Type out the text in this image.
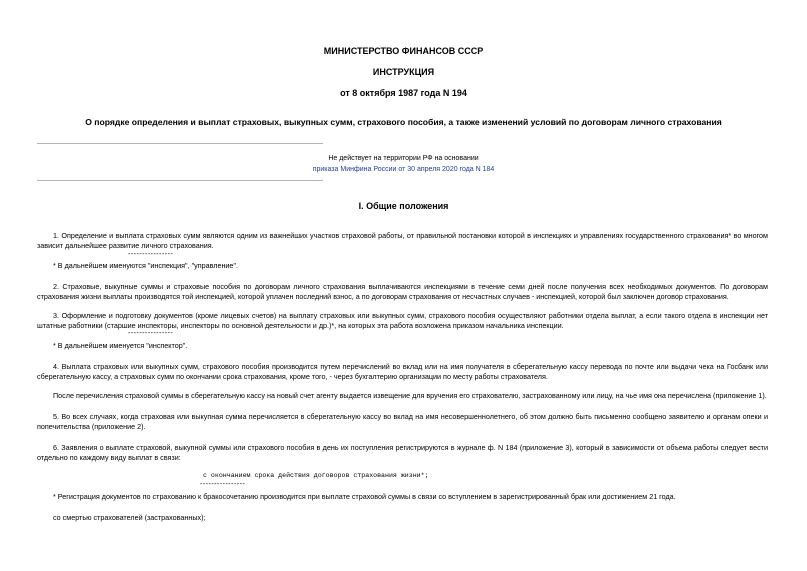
МИНИСТЕРСТВО ФИНАНСОВ СССР
ИНСТРУКЦИЯ
от 8 октября 1987 года N 194
О порядке определения и выплат страховых, выкупных сумм, страхового пособия, а также изменений условий по договорам личного страхования
Не действует на территории РФ на основании
приказа Минфина России от 30 апреля 2020 года N 184
I. Общие положения
1. Определение и выплата страховых сумм являются одним из важнейших участков страховой работы, от правильной постановки которой в инспекциях и управлениях государственного страхования* во многом зависит дальнейшее развитие личного страхования.
----------------
* В дальнейшем именуются "инспекция", "управление".
2. Страховые, выкупные суммы и страховые пособия по договорам личного страхования выплачиваются инспекциями в течение семи дней после получения всех необходимых документов. По договорам страхования жизни выплаты производятся той инспекцией, которой уплачен последний взнос, а по договорам страхования от несчастных случаев - инспекцией, которой был заключен договор страхования.
3. Оформление и подготовку документов (кроме лицевых счетов) на выплату страховых или выкупных сумм, страхового пособия осуществляют работники отдела выплат, а если такого отдела в инспекции нет штатные работники (старшие инспекторы, инспекторы по основной деятельности и др.)*, на которых эта работа возложена приказом начальника инспекции.
----------------
* В дальнейшем именуется "инспектор".
4. Выплата страховых или выкупных сумм, страхового пособия производится путем перечислений во вклад или на имя получателя в сберегательную кассу перевода по почте или выдачи чека на Госбанк или сберегательную кассу, а страховых сумм по окончании срока страхования, кроме того, - через бухгалтерию организации по месту работы страхователя.
После перечисления страховой суммы в сберегательную кассу на новый счет агенту выдается извещение для вручения его страхователю, застрахованному или лицу, на чье имя она перечислена (приложение 1).
5. Во всех случаях, когда страховая или выкупная сумма перечисляется в сберегательную кассу во вклад на имя несовершеннолетнего, об этом должно быть письменно сообщено заявителю и органам опеки и попечительства (приложение 2).
6. Заявления о выплате страховой, выкупной суммы или страхового пособия в день их поступления регистрируются в журнале ф. N 184 (приложение 3), который в зависимости от объема работы следует вести отдельно по каждому виду выплат в связи:
с окончанием срока действия договоров страхования жизни*;
----------------
* Регистрация документов по страхованию к бракосочетанию производится при выплате страховой суммы в связи со вступлением в зарегистрированный брак или достижением 21 года.
со смертью страхователей (застрахованных);
